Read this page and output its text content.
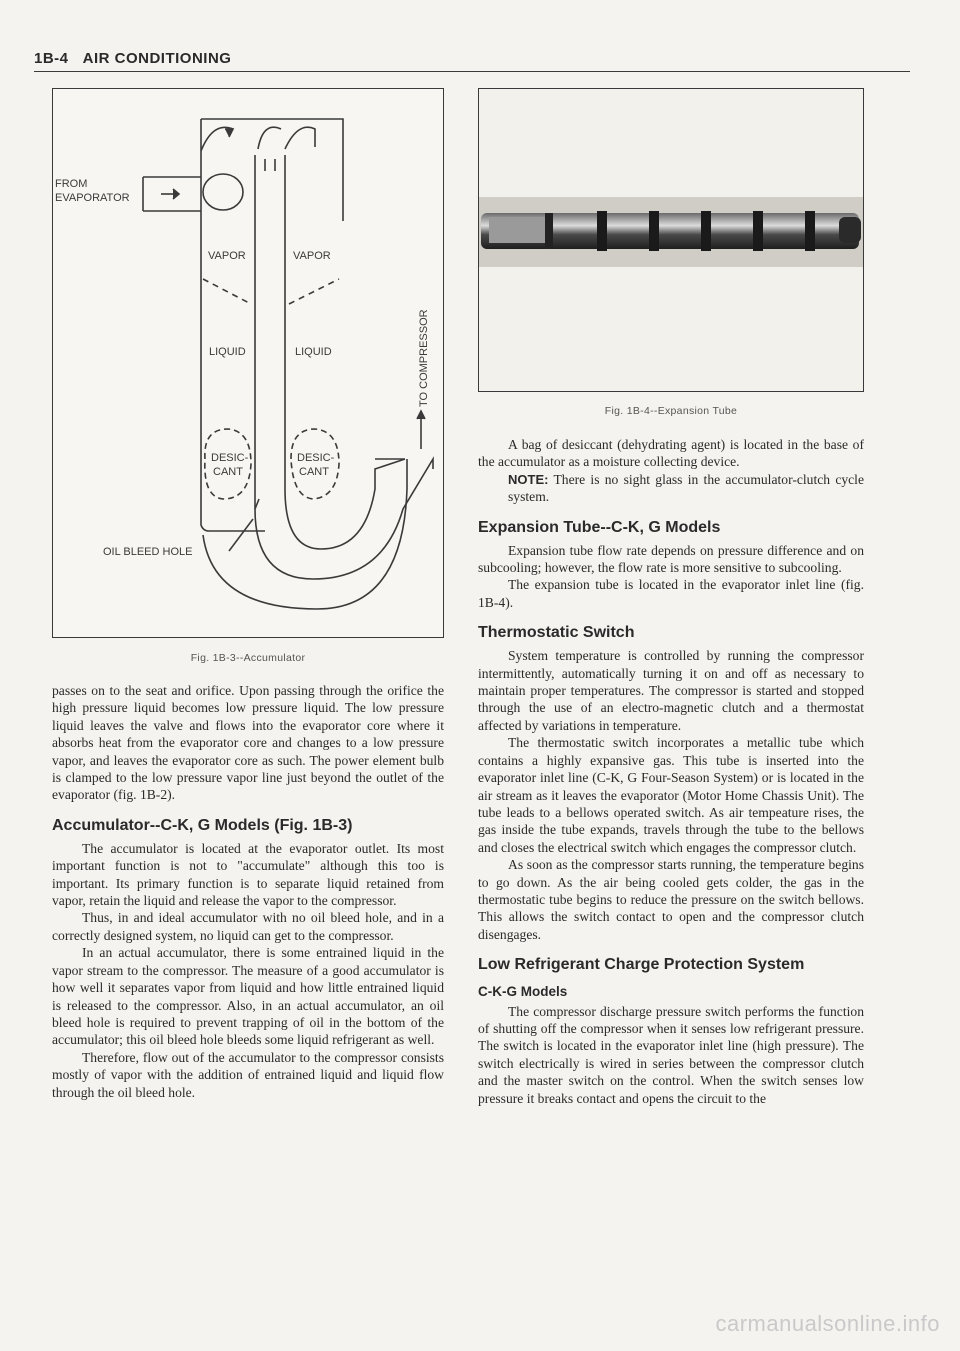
1B-4 AIR CONDITIONING
FROM
EVAPORATOR
VAPOR	VAPOR
LIQUID	LIQUID
DESIC-
CANT
DESIC-
CANT
OIL BLEED HOLE
TO COMPRESSOR
Fig. 1B-3--Accumulator
Fig. 1B-4--Expansion Tube

passes on to the seat and orifice. Upon passing through the orifice the high pressure liquid becomes low pressure liquid. The low pressure liquid leaves the valve and flows into the evaporator core where it absorbs heat from the evaporator core and changes to a low pressure vapor, and leaves the evaporator core as such. The power element bulb is clamped to the low pressure vapor line just beyond the outlet of the evaporator (fig. 1B-2).

Accumulator--C-K, G Models (Fig. 1B-3)

The accumulator is located at the evaporator outlet. Its most important function is not to "accumulate" although this too is important. Its primary function is to separate liquid retained from vapor, retain the liquid and release the vapor to the compressor.

Thus, in and ideal accumulator with no oil bleed hole, and in a correctly designed system, no liquid can get to the compressor.

In an actual accumulator, there is some entrained liquid in the vapor stream to the compressor. The measure of a good accumulator is how well it separates vapor from liquid and how little entrained liquid is released to the compressor. Also, in an actual accumulator, an oil bleed hole is required to prevent trapping of oil in the bottom of the accumulator; this oil bleed hole bleeds some liquid refrigerant as well.

Therefore, flow out of the accumulator to the compressor consists mostly of vapor with the addition of entrained liquid and liquid flow through the oil bleed hole.

A bag of desiccant (dehydrating agent) is located in the base of the accumulator as a moisture collecting device.

NOTE: There is no sight glass in the accumulator-clutch cycle system.

Expansion Tube--C-K, G Models

Expansion tube flow rate depends on pressure difference and on subcooling; however, the flow rate is more sensitive to subcooling.

The expansion tube is located in the evaporator inlet line (fig. 1B-4).

Thermostatic Switch

System temperature is controlled by running the compressor intermittently, automatically turning it on and off as necessary to maintain proper temperatures. The compressor is started and stopped through the use of an electro-magnetic clutch and a thermostat affected by variations in temperature.

The thermostatic switch incorporates a metallic tube which contains a highly expansive gas. This tube is inserted into the evaporator inlet line (C-K, G Four-Season System) or is located in the air stream as it leaves the evaporator (Motor Home Chassis Unit). The tube leads to a bellows operated switch. As air tempeature rises, the gas inside the tube expands, travels through the tube to the bellows and closes the electrical switch which engages the compressor clutch.

As soon as the compressor starts running, the temperature begins to go down. As the air being cooled gets colder, the gas in the thermostatic tube begins to reduce the pressure on the switch bellows. This allows the switch contact to open and the compressor clutch disengages.

Low Refrigerant Charge Protection System
C-K-G Models

The compressor discharge pressure switch performs the function of shutting off the compressor when it senses low refrigerant pressure. The switch is located in the evaporator inlet line (high pressure). The switch electrically is wired in series between the compressor clutch and the master switch on the control. When the switch senses low pressure it breaks contact and opens the circuit to the

carmanualsonline.info
